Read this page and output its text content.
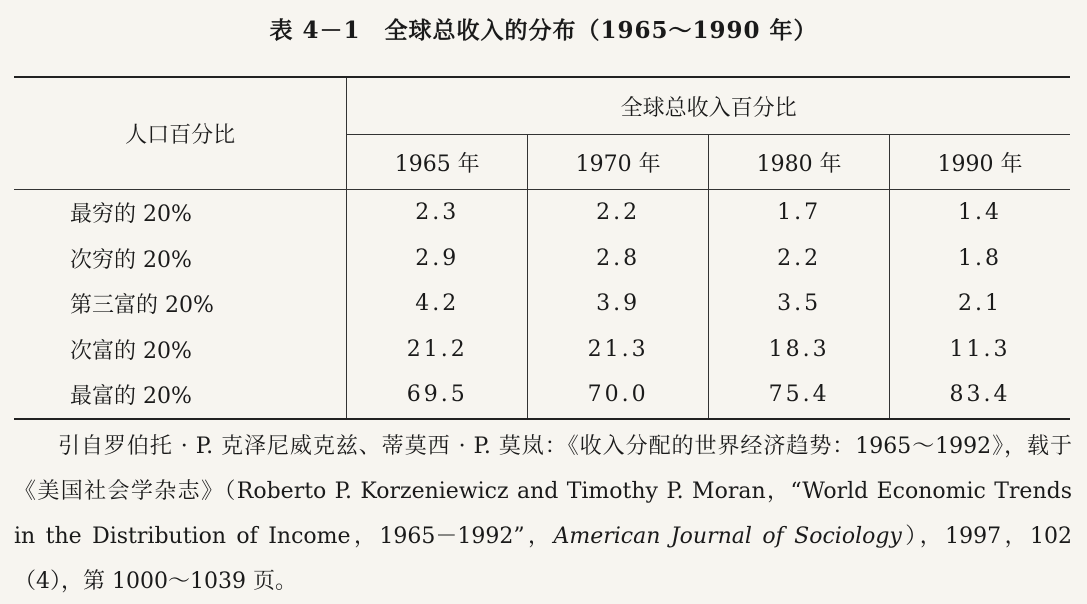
表 4－1　全球总收入的分布（1965～1990 年）
人口百分比	全球总收入百分比			
	1965 年	1970 年	1980 年	1990 年
最穷的 20%	2.3	2.2	1.7	1.4
次穷的 20%	2.9	2.8	2.2	1.8
第三富的 20%	4.2	3.9	3.5	2.1
次富的 20%	21.2	21.3	18.3	11.3
最富的 20%	69.5	70.0	75.4	83.4

引自罗伯托 · P. 克泽尼威克兹、蒂莫西 · P. 莫岚：《收入分配的世界经济趋势：1965～1992》，载于《美国社会学杂志》（Roberto P. Korzeniewicz and Timothy P. Moran，“World Economic Trends in the Distribution of Income，1965－1992”，American Journal of Sociology），1997，102（4），第 1000～1039 页。
